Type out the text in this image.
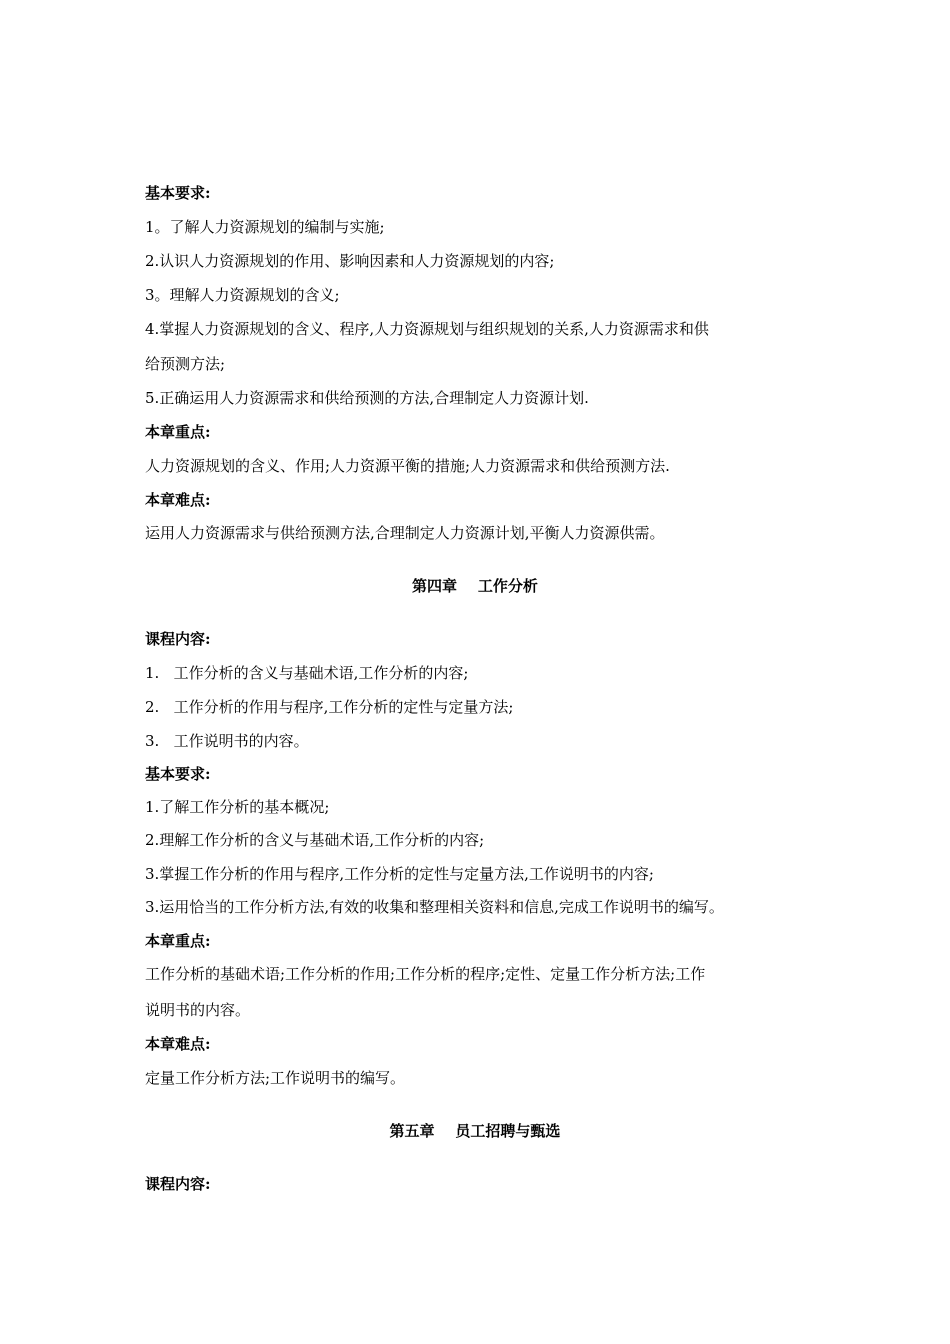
基本要求:
1。了解人力资源规划的编制与实施;
2.认识人力资源规划的作用、影响因素和人力资源规划的内容;
3。理解人力资源规划的含义;
4.掌握人力资源规划的含义、程序,人力资源规划与组织规划的关系,人力资源需求和供
给预测方法;
5.正确运用人力资源需求和供给预测的方法,合理制定人力资源计划.
本章重点:
人力资源规划的含义、作用;人力资源平衡的措施;人力资源需求和供给预测方法.
本章难点:
运用人力资源需求与供给预测方法,合理制定人力资源计划,平衡人力资源供需。
第四章    工作分析
课程内容:
1.   工作分析的含义与基础术语,工作分析的内容;
2.   工作分析的作用与程序,工作分析的定性与定量方法;
3.   工作说明书的内容。
基本要求:
1.了解工作分析的基本概况;
2.理解工作分析的含义与基础术语,工作分析的内容;
3.掌握工作分析的作用与程序,工作分析的定性与定量方法,工作说明书的内容;
3.运用恰当的工作分析方法,有效的收集和整理相关资料和信息,完成工作说明书的编写。
本章重点:
工作分析的基础术语;工作分析的作用;工作分析的程序;定性、定量工作分析方法;工作
说明书的内容。
本章难点:
定量工作分析方法;工作说明书的编写。
第五章    员工招聘与甄选
课程内容:
